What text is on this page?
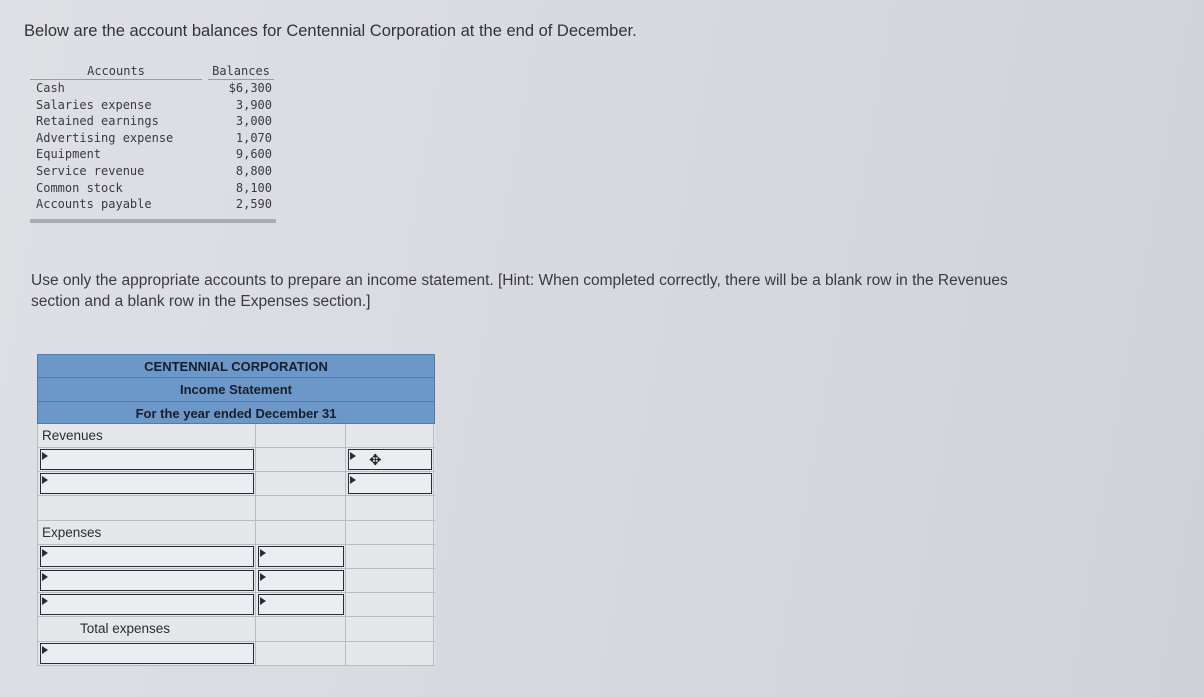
Below are the account balances for Centennial Corporation at the end of December.
Accounts	Balances
Cash	$6,300
Salaries expense	3,900
Retained earnings	3,000
Advertising expense	1,070
Equipment	9,600
Service revenue	8,800
Common stock	8,100
Accounts payable	2,590
Use only the appropriate accounts to prepare an income statement. [Hint: When completed correctly, there will be a blank row in the Revenues section and a blank row in the Expenses section.]
CENTENNIAL CORPORATION
Income Statement
For the year ended December 31
Revenues
✥
Expenses
Total expenses
